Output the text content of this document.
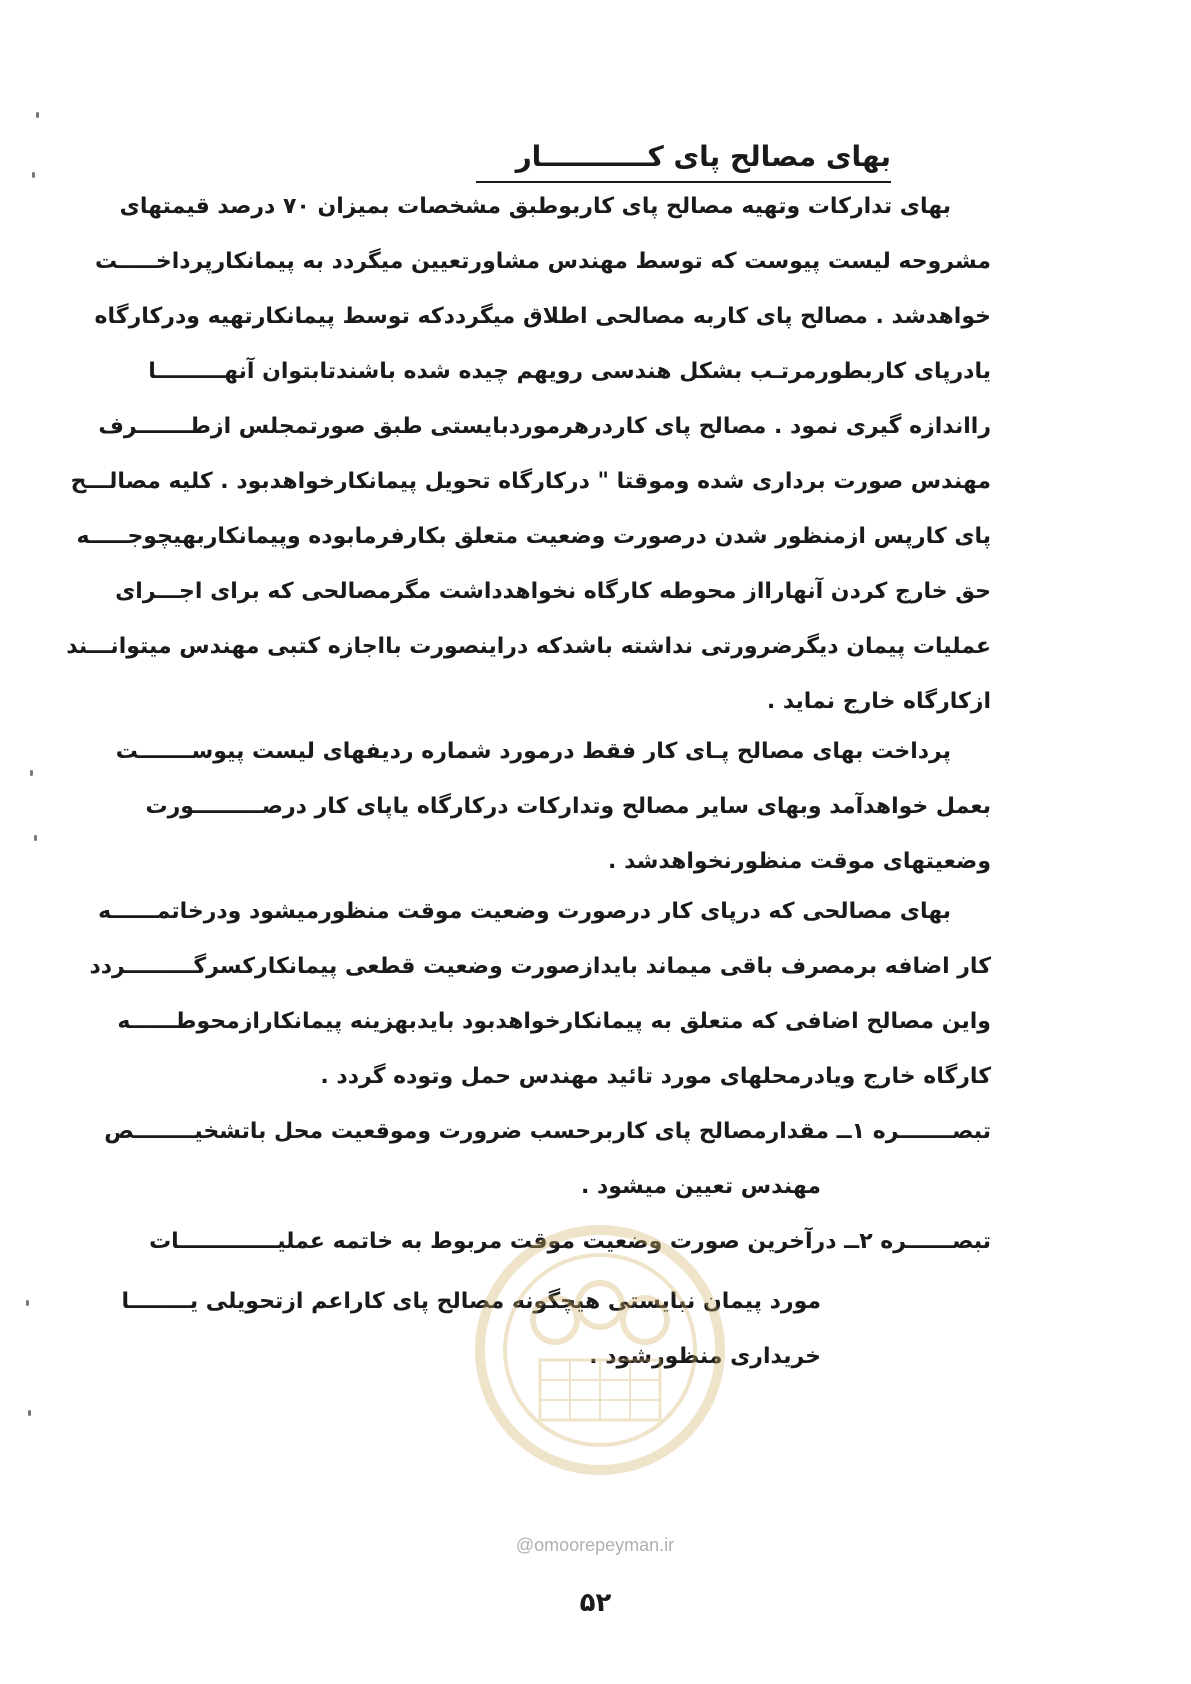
بهای مصالح پای کـــــــــــار
بهای تدارکات وتهیه مصالح پای کاربوطبق مشخصات بمیزان ۷۰ درصد قیمتهای
مشروحه لیست پیوست که توسط مهندس مشاورتعیین میگردد به پیمانکارپرداخـــــت
خواهدشد . مصالح پای کاربه مصالحی اطلاق میگرددکه توسط پیمانکارتهیه ودرکارگاه
یادرپای کاربطورمرتـب بشکل هندسی رویهم چیده شده باشندتابتوان آنهـــــــــا
رااندازه گیری نمود . مصالح پای کاردرهرموردبایستی طبق صورتمجلس ازطـــــــرف
مهندس صورت برداری شده وموقتا " درکارگاه تحویل پیمانکارخواهدبود . کلیه مصالـــح
پای کارپس ازمنظور شدن درصورت وضعیت متعلق بکارفرمابوده وپیمانکاربهیچوجـــــه
حق خارج کردن آنهارااز محوطه کارگاه نخواهدداشت مگرمصالحی که برای اجـــرای
عملیات پیمان دیگرضرورتی نداشته باشدکه دراینصورت بااجازه کتبی مهندس میتوانـــند
ازکارگاه خارج نماید .
پرداخت بهای مصالح پـای کار فقط درمورد شماره ردیفهای لیست پیوســـــــت
بعمل خواهدآمد وبهای سایر مصالح وتدارکات درکارگاه یاپای کار درصـــــــــورت
وضعیتهای موقت منظورنخواهدشد .
بهای مصالحی که درپای کار درصورت وضعیت موقت منظورمیشود ودرخاتمــــــه
کار اضافه برمصرف باقی میماند بایدازصورت وضعیت قطعی پیمانکارکسرگـــــــــردد
واین مصالح اضافی که متعلق به پیمانکارخواهدبود بایدبهزینه پیمانکارازمحوطــــــه
کارگاه خارج ویادرمحلهای مورد تائید مهندس حمل وتوده گردد .
تبصـــــــره ۱ــ مقدارمصالح پای کاربرحسب ضرورت وموقعیت محل باتشخیــــــــص
مهندس تعیین میشود .
تبصــــــره ۲ــ درآخرین صورت وضعیت موقت مربوط به خاتمه عملیـــــــــــــات
مورد پیمان نبایستی هیچگونه مصالح پای کاراعم ازتحویلی یــــــــا
خریداری منظورشود .
@omoorepeyman.ir
۵۲
